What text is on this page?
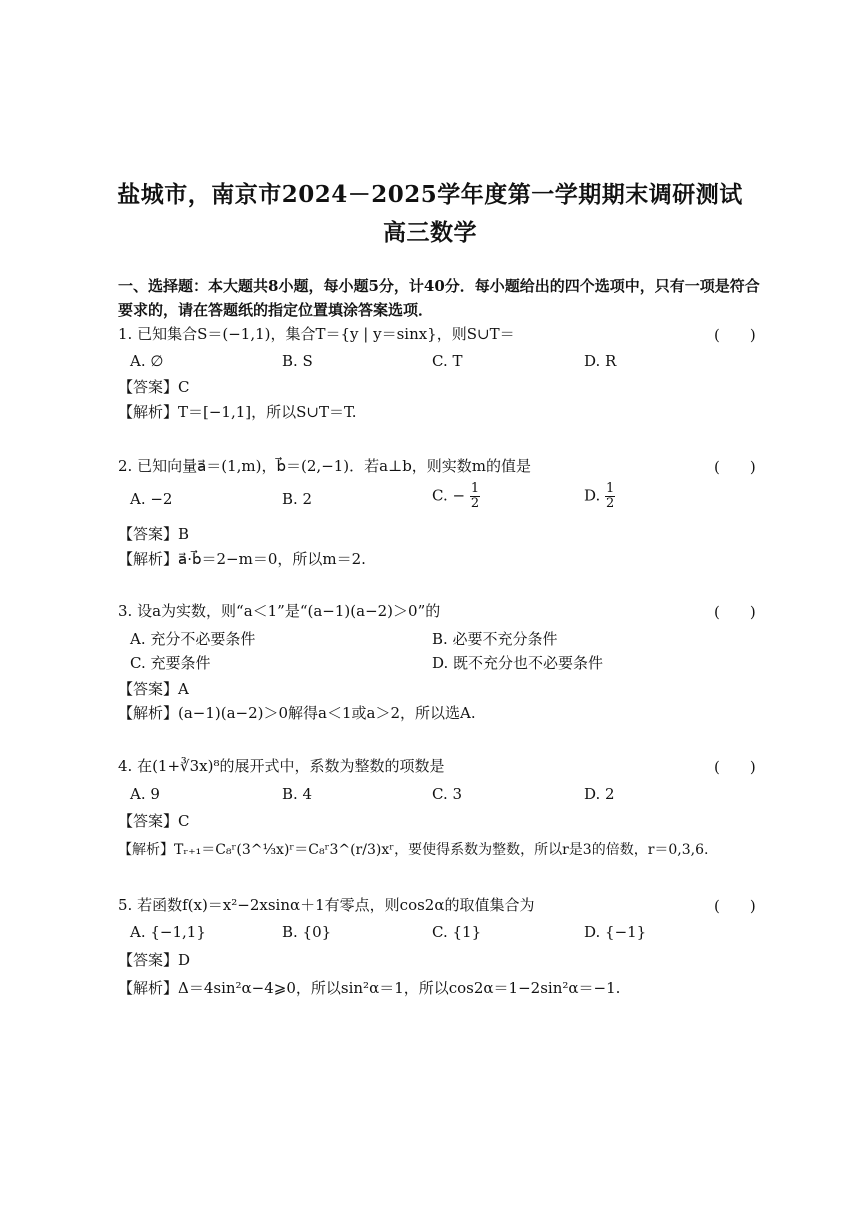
盐城市，南京市2024－2025学年度第一学期期末调研测试
高三数学
一、选择题：本大题共8小题，每小题5分，计40分．每小题给出的四个选项中，只有一项是符合要求的，请在答题纸的指定位置填涂答案选项．
1. 已知集合S＝(−1,1)，集合T＝{y | y＝sinx}，则S∪T＝	(　　)
A. ∅	B. S	C. T	D. R
【答案】C
【解析】T＝[−1,1]，所以S∪T＝T.
2. 已知向量a⃗＝(1,m)，b⃗＝(2,−1)．若a⊥b，则实数m的值是	(　　)
A. −2	B. 2	C. − $\frac{1}{2}$	D. $\frac{1}{2}$
【答案】B
【解析】a⃗·b⃗＝2−m＝0，所以m＝2.
3. 设a为实数，则“a＜1”是“(a−1)(a−2)＞0”的	(　　)
A. 充分不必要条件	B. 必要不充分条件
C. 充要条件	D. 既不充分也不必要条件
【答案】A
【解析】(a−1)(a−2)＞0解得a＜1或a＞2，所以选A.
4. 在(1+∛3x)⁸的展开式中，系数为整数的项数是	(　　)
A. 9	B. 4	C. 3	D. 2
【答案】C
【解析】Tᵣ₊₁＝C₈ʳ(3^⅓x)ʳ＝C₈ʳ3^(r/3)xʳ，要使得系数为整数，所以r是3的倍数，r＝0,3,6.
5. 若函数f(x)＝x²−2xsinα＋1有零点，则cos2α的取值集合为	(　　)
A. {−1,1}	B. {0}	C. {1}	D. {−1}
【答案】D
【解析】Δ＝4sin²α−4⩾0，所以sin²α＝1，所以cos2α＝1−2sin²α＝−1.
